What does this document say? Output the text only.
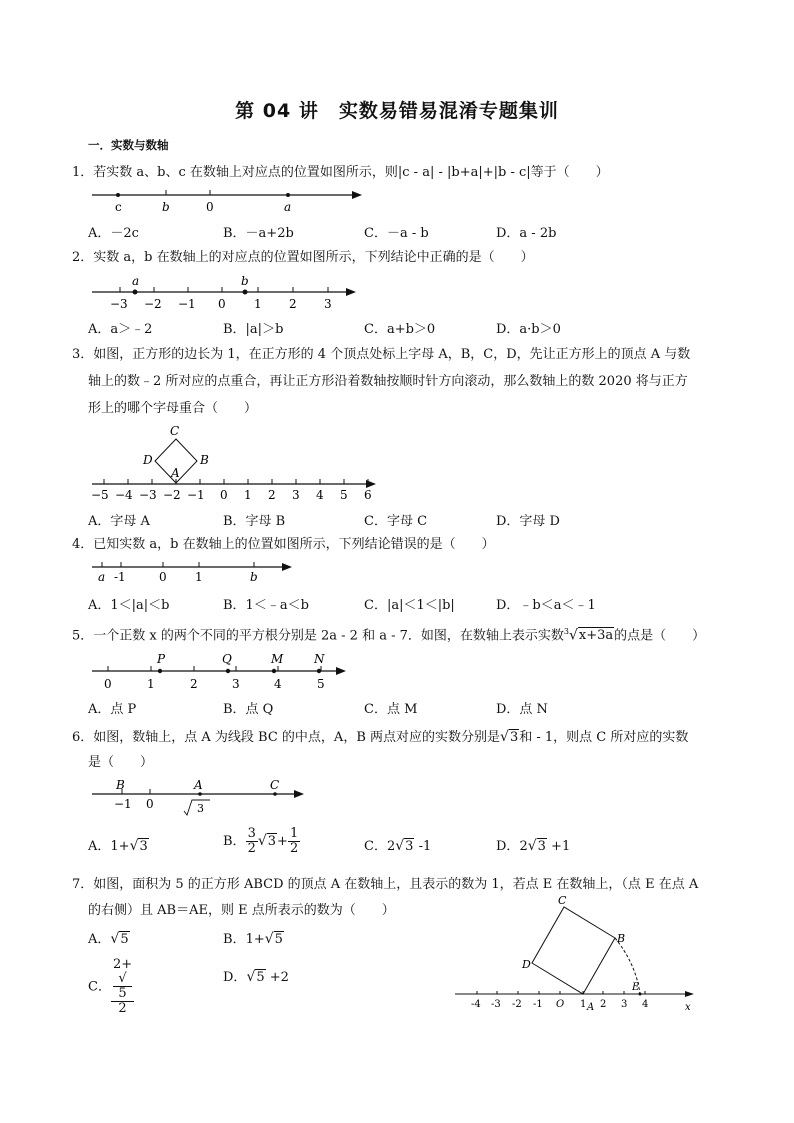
第 04 讲　实数易错易混淆专题集训
一．实数与数轴
1．若实数 a、b、c 在数轴上对应点的位置如图所示，则|c - a| - |b+a|+|b - c|等于（　　）
c	b	0	a
A．－2c	B．－a+2b	C．－a - b	D．a - 2b
2．实数 a，b 在数轴上的对应点的位置如图所示，下列结论中正确的是（　　）
a	b
−3 −2 −1 0 1 2 3
A．a＞﹣2	B．|a|＞b	C．a+b＞0	D．a·b＞0
3．如图，正方形的边长为 1，在正方形的 4 个顶点处标上字母 A，B，C，D，先让正方形上的顶点 A 与数
轴上的数﹣2 所对应的点重合，再让正方形沿着数轴按顺时针方向滚动，那么数轴上的数 2020 将与正方
形上的哪个字母重合（　　）
C
D	B
A
−5 −4 −3 −2 −1 0 1 2 3 4 5 6
A．字母 A	B．字母 B	C．字母 C	D．字母 D
4．已知实数 a，b 在数轴上的位置如图所示，下列结论错误的是（　　）
a -1	0 1	b
A．1＜|a|＜b	B．1＜﹣a＜b	C．|a|＜1＜|b|	D．﹣b＜a＜﹣1
5．一个正数 x 的两个不同的平方根分别是 2a - 2 和 a - 7．如图，在数轴上表示实数$^3$√x+3a的点是（　　）
P	Q	M	N
0	1	2	3	4	5
A．点 P	B．点 Q	C．点 M	D．点 N
6．如图，数轴上，点 A 为线段 BC 的中点，A，B 两点对应的实数分别是√3和 - 1，则点 C 所对应的实数
是（　　）
B	A	C
−1 0	3
A．1+√3	B． $\frac{3}{2} √3+ \frac{1}{2}$	C．2√3 -1	D．2√3 +1
7．如图，面积为 5 的正方形 ABCD 的顶点 A 在数轴上，且表示的数为 1，若点 E 在数轴上，（点 E 在点 A
的右侧）且 AB＝AE，则 E 点所表示的数为（　　）
A．√5	B．1+√5
C． 2+
√
5
2	D．√5 +2
C
B
D
A
E
-4 -3 -2 -1 O 1 2 3 4	x
